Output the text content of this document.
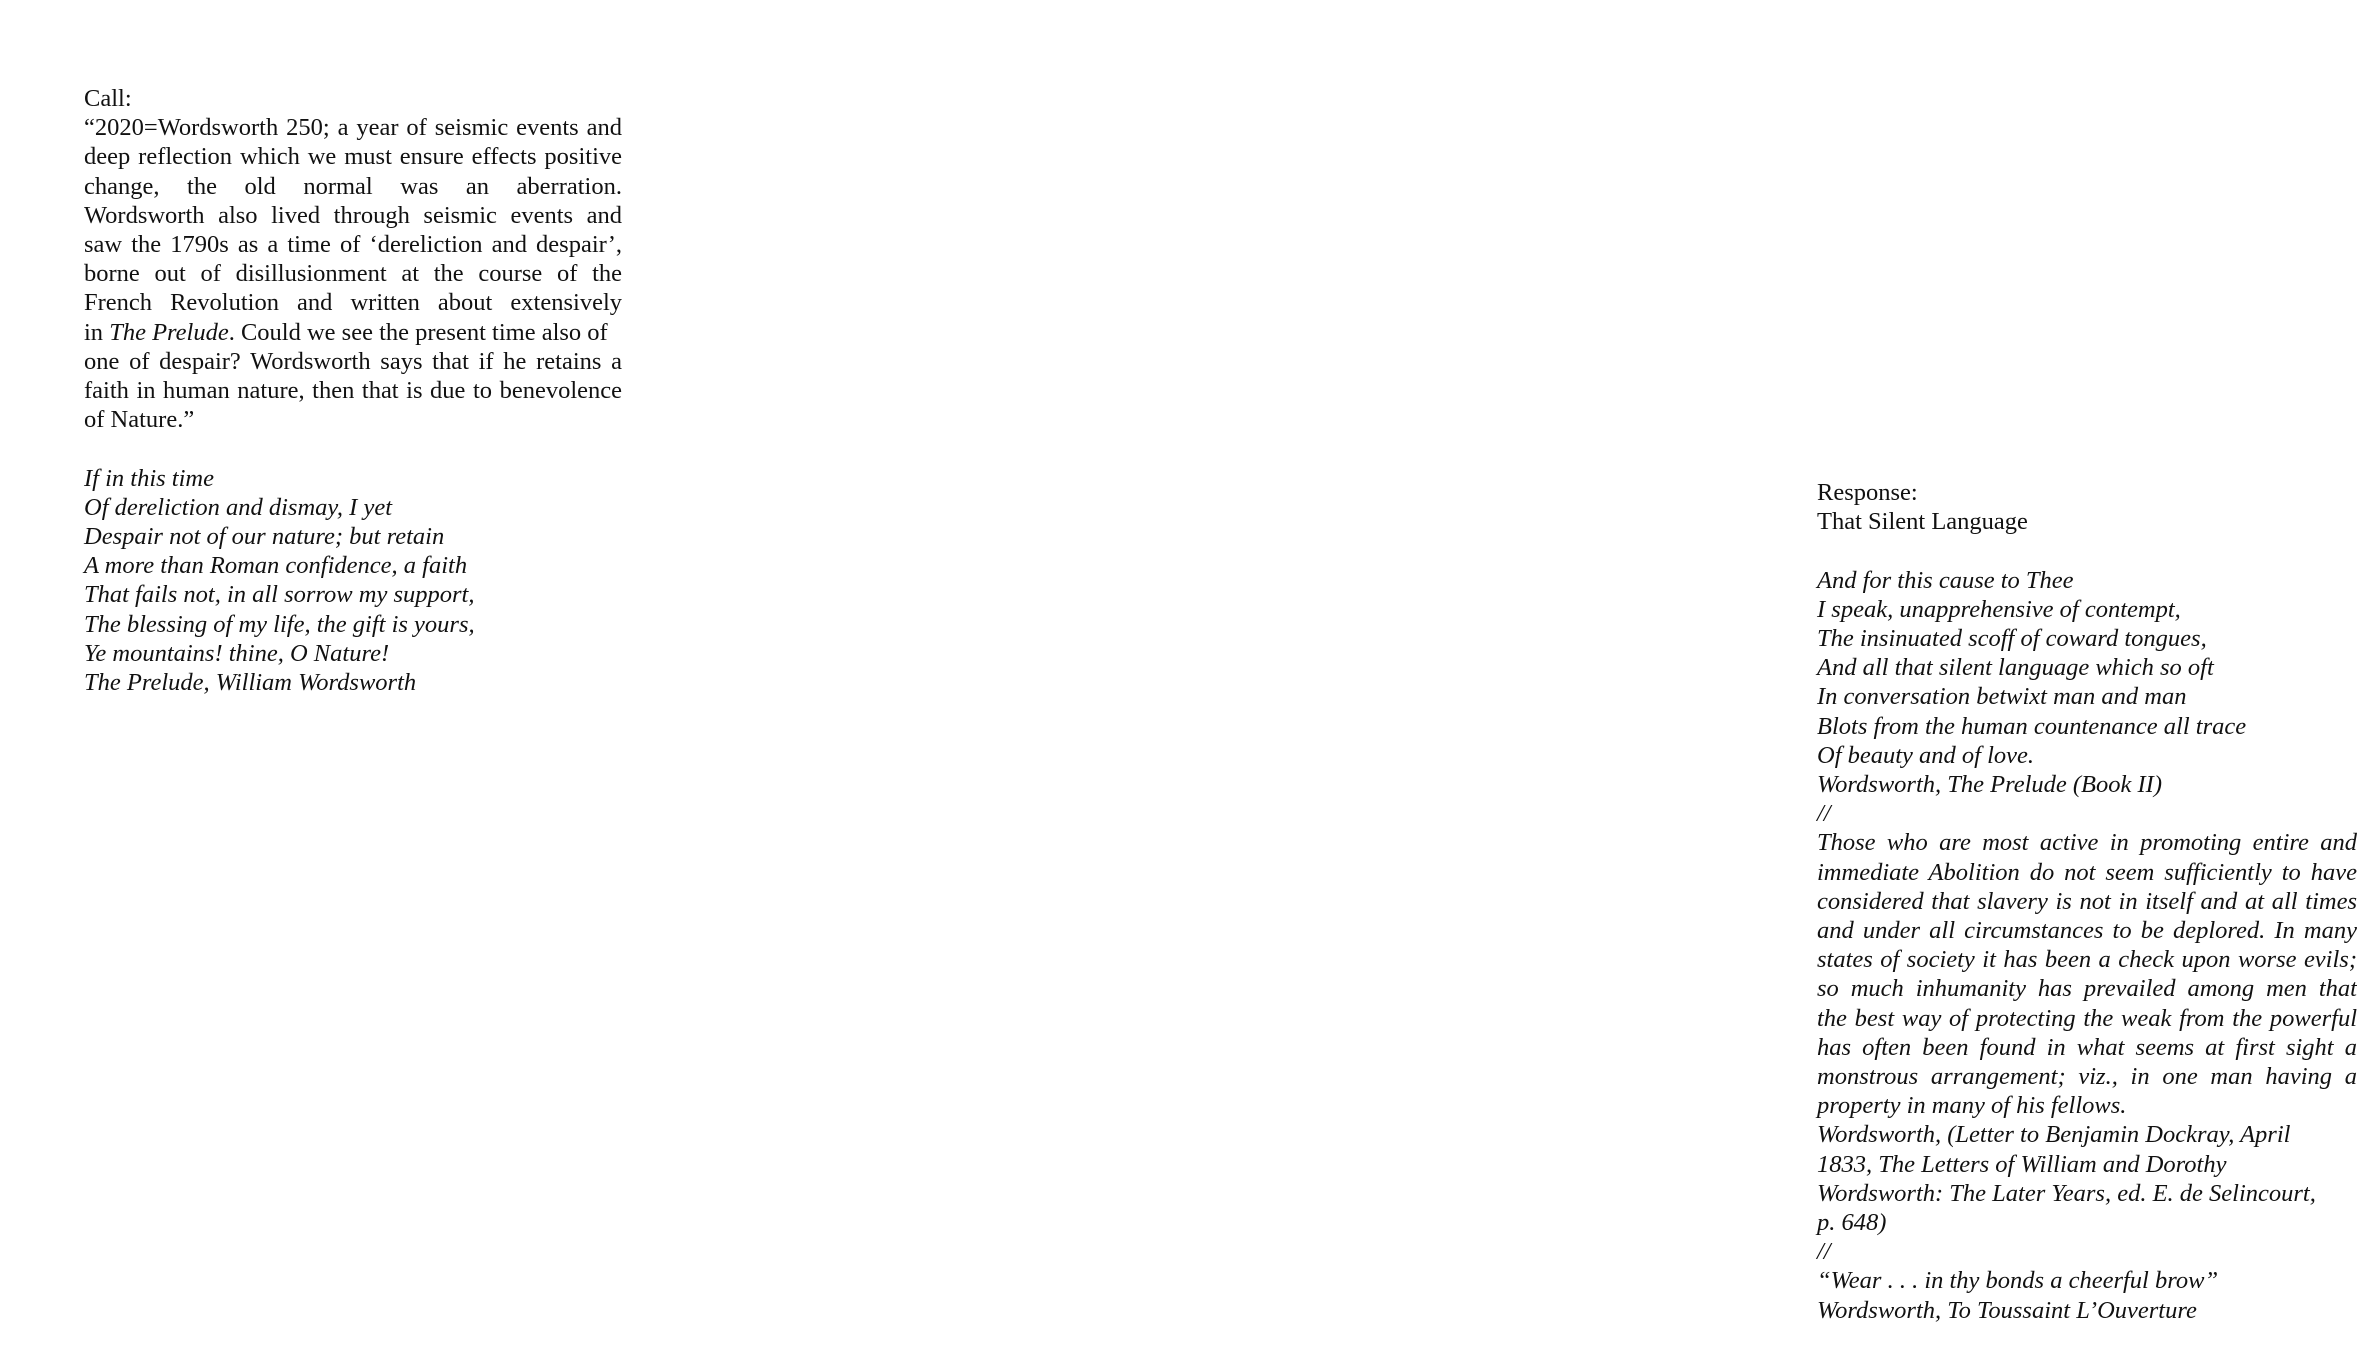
Call:
“2020=Wordsworth 250; a year of seismic events and
deep reflection which we must ensure effects positive
change, the old normal was an aberration.
Wordsworth also lived through seismic events and
saw the 1790s as a time of ‘dereliction and despair’,
borne out of disillusionment at the course of the
French Revolution and written about extensively
in The Prelude. Could we see the present time also of
one of despair? Wordsworth says that if he retains a
faith in human nature, then that is due to benevolence
of Nature.”
If in this time
Of dereliction and dismay, I yet
Despair not of our nature; but retain
A more than Roman confidence, a faith
That fails not, in all sorrow my support,
The blessing of my life, the gift is yours,
Ye mountains! thine, O Nature!
The Prelude, William Wordsworth
Response:
That Silent Language
And for this cause to Thee
I speak, unapprehensive of contempt,
The insinuated scoff of coward tongues,
And all that silent language which so oft
In conversation betwixt man and man
Blots from the human countenance all trace
Of beauty and of love.
Wordsworth, The Prelude (Book II)
//
Those who are most active in promoting entire and
immediate Abolition do not seem sufficiently to have
considered that slavery is not in itself and at all times
and under all circumstances to be deplored. In many
states of society it has been a check upon worse evils;
so much inhumanity has prevailed among men that
the best way of protecting the weak from the powerful
has often been found in what seems at first sight a
monstrous arrangement; viz., in one man having a
property in many of his fellows.
Wordsworth, (Letter to Benjamin Dockray, April
1833, The Letters of William and Dorothy
Wordsworth: The Later Years, ed. E. de Selincourt,
p. 648)
//
“Wear . . . in thy bonds a cheerful brow”
Wordsworth, To Toussaint L’Ouverture
